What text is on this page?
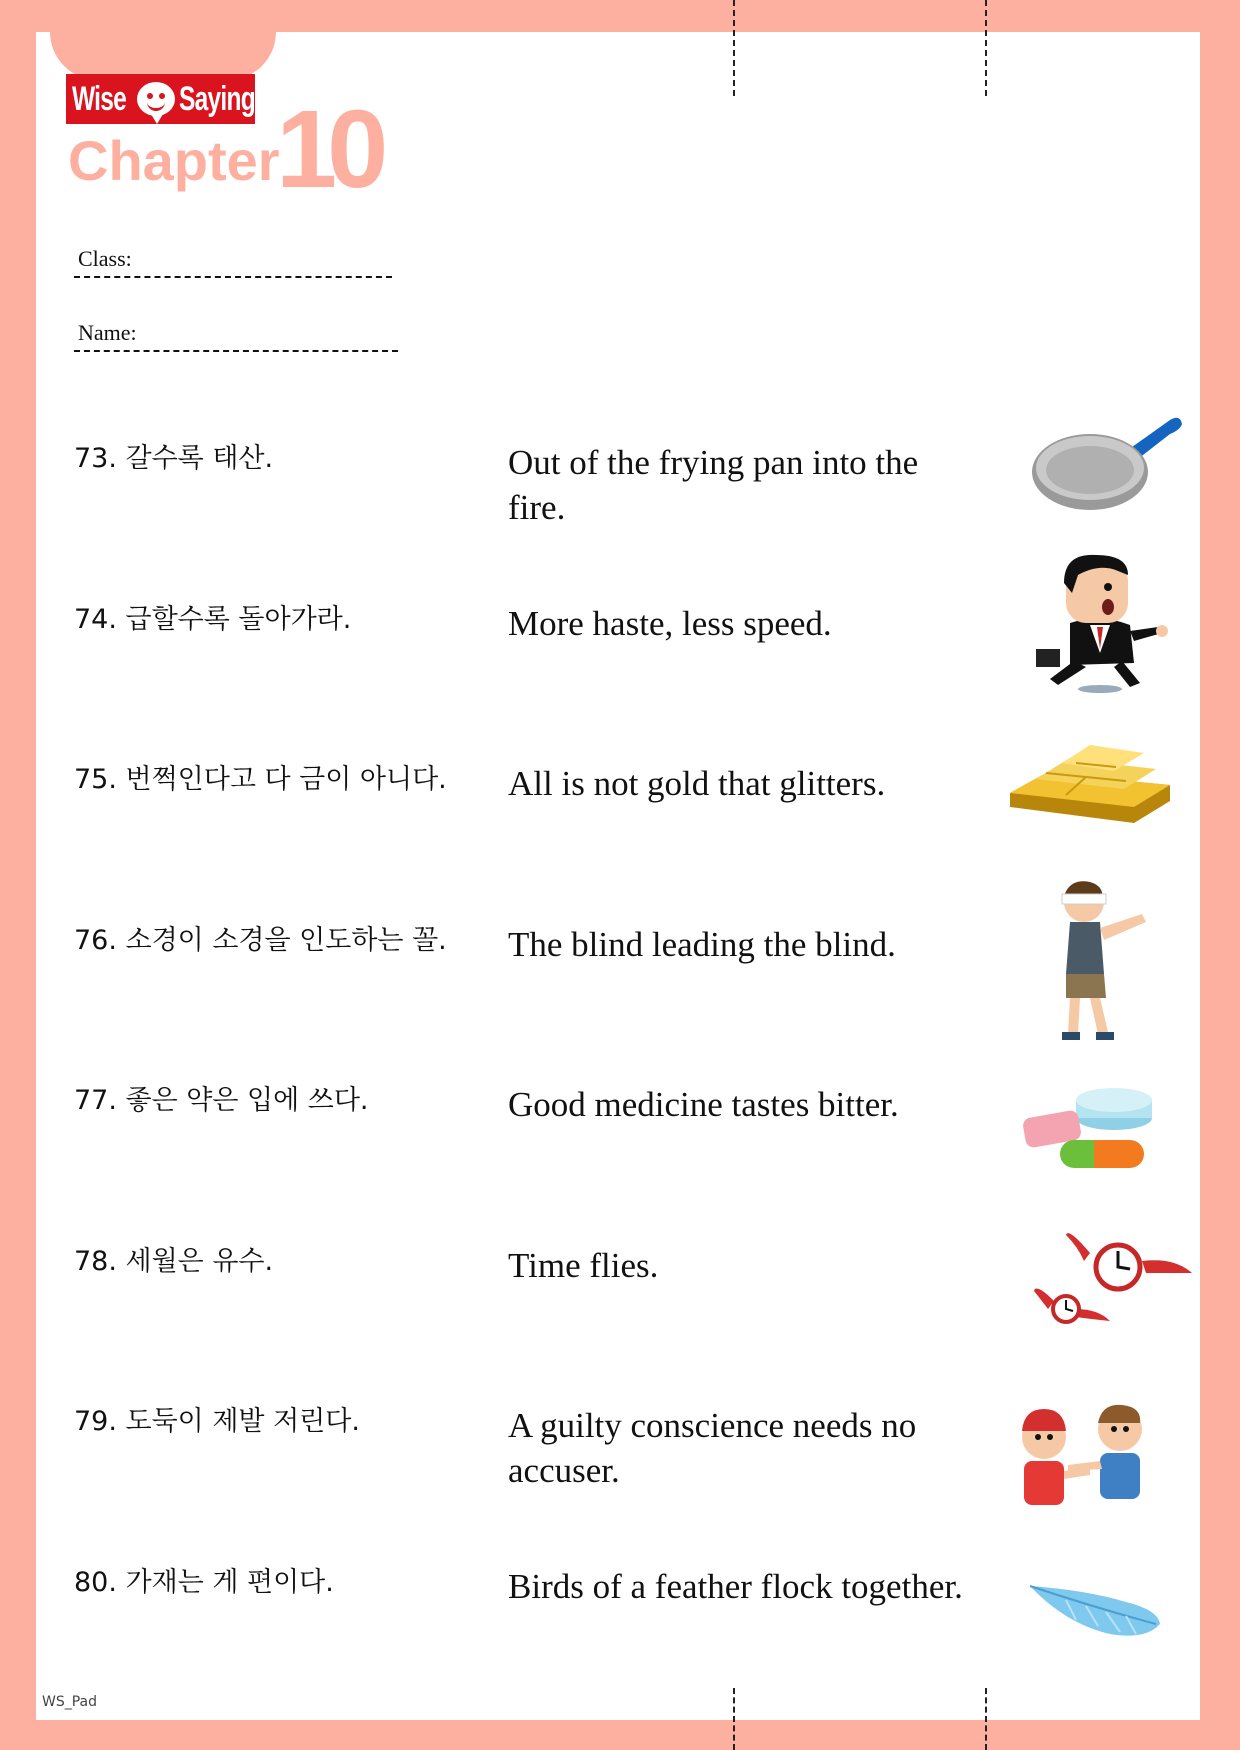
Wise Saying
Chapter
10
Class:
Name:
73. 갈수록 태산.	Out of the frying pan into the fire.
74. 급할수록 돌아가라.	More haste, less speed.
75. 번쩍인다고 다 금이 아니다. All is not gold that glitters.
76. 소경이 소경을 인도하는 꼴. The blind leading the blind.
77. 좋은 약은 입에 쓰다.	Good medicine tastes bitter.
78. 세월은 유수.	Time flies.
79. 도둑이 제발 저린다.	A guilty conscience needs no accuser.
80. 가재는 게 편이다.	Birds of a feather flock together.
WS_Pad
